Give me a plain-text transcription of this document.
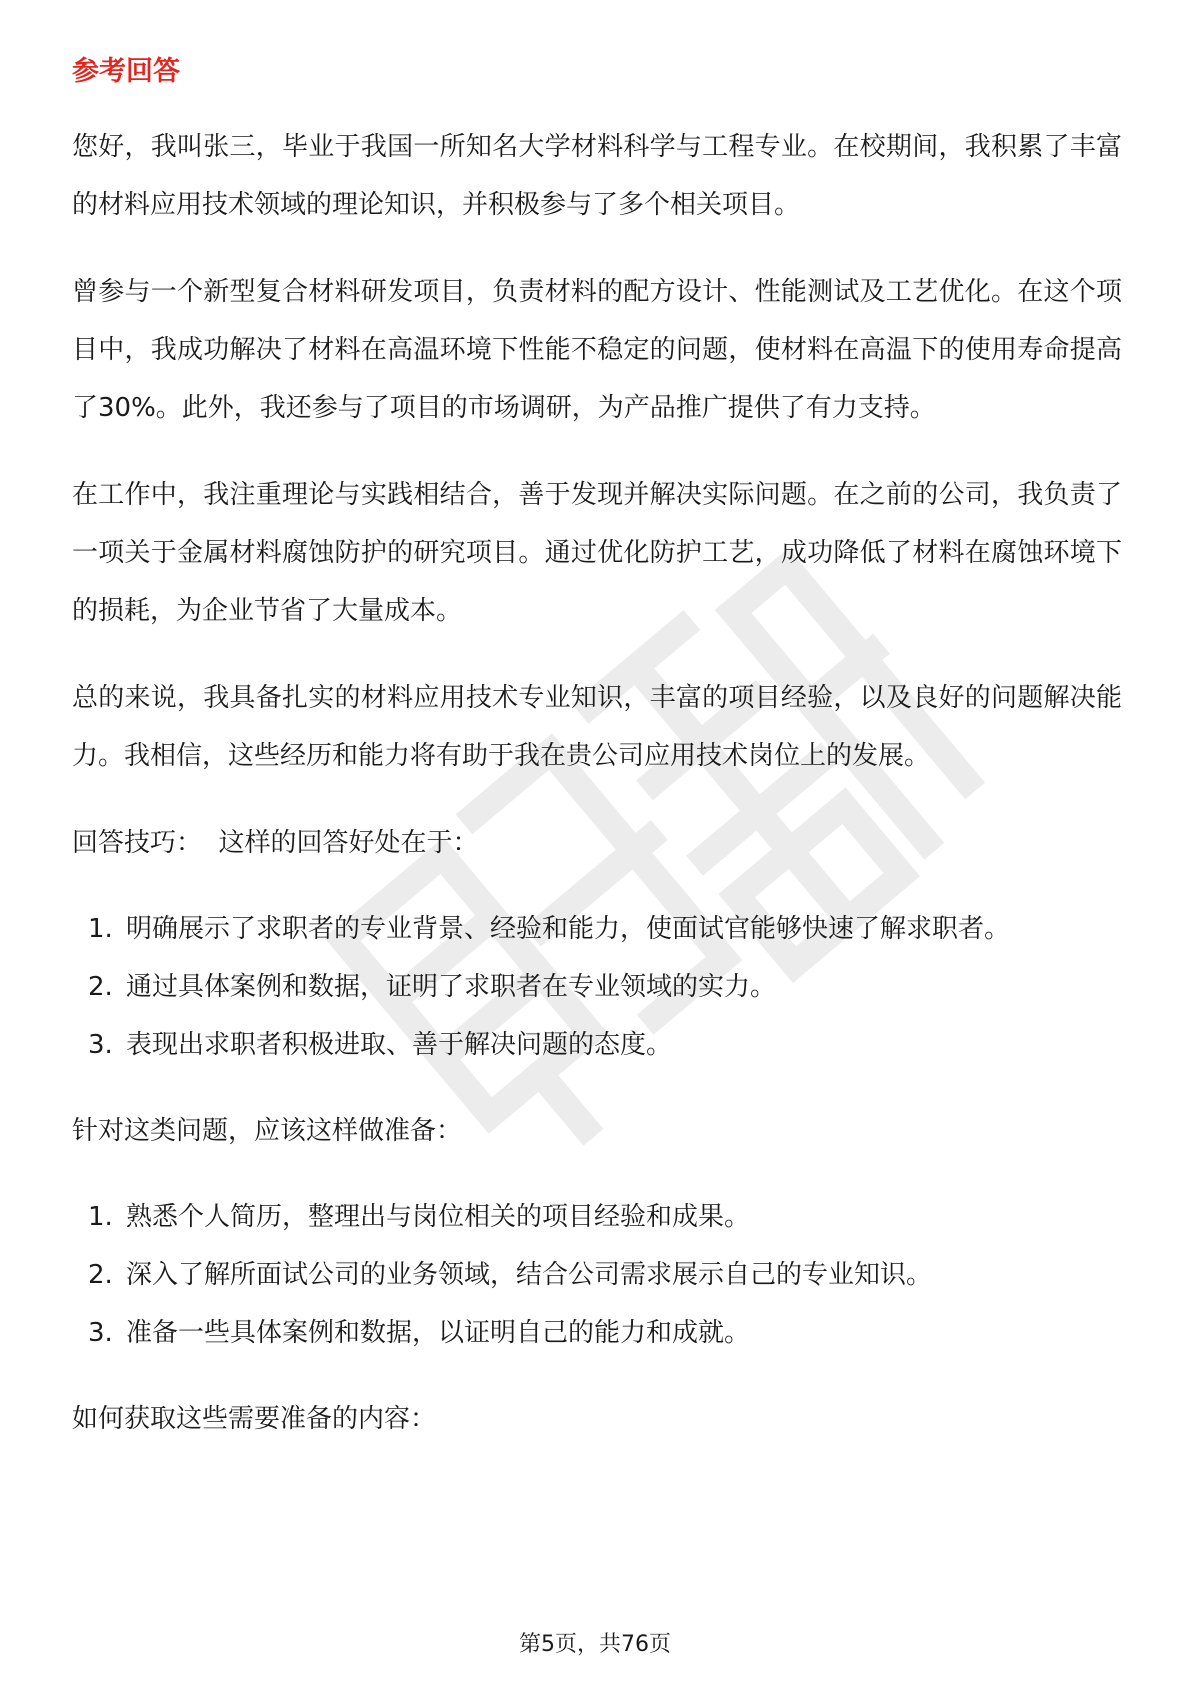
参考回答

您好，我叫张三，毕业于我国一所知名大学材料科学与工程专业。在校期间，我积累了丰富的材料应用技术领域的理论知识，并积极参与了多个相关项目。

曾参与一个新型复合材料研发项目，负责材料的配方设计、性能测试及工艺优化。在这个项目中，我成功解决了材料在高温环境下性能不稳定的问题，使材料在高温下的使用寿命提高了30%。此外，我还参与了项目的市场调研，为产品推广提供了有力支持。

在工作中，我注重理论与实践相结合，善于发现并解决实际问题。在之前的公司，我负责了一项关于金属材料腐蚀防护的研究项目。通过优化防护工艺，成功降低了材料在腐蚀环境下的损耗，为企业节省了大量成本。

总的来说，我具备扎实的材料应用技术专业知识，丰富的项目经验，以及良好的问题解决能力。我相信，这些经历和能力将有助于我在贵公司应用技术岗位上的发展。

回答技巧：  这样的回答好处在于：

1. 明确展示了求职者的专业背景、经验和能力，使面试官能够快速了解求职者。
2. 通过具体案例和数据，证明了求职者在专业领域的实力。
3. 表现出求职者积极进取、善于解决问题的态度。

针对这类问题，应该这样做准备：

1. 熟悉个人简历，整理出与岗位相关的项目经验和成果。
2. 深入了解所面试公司的业务领域，结合公司需求展示自己的专业知识。
3. 准备一些具体案例和数据，以证明自己的能力和成就。

如何获取这些需要准备的内容：

第5页，共76页
